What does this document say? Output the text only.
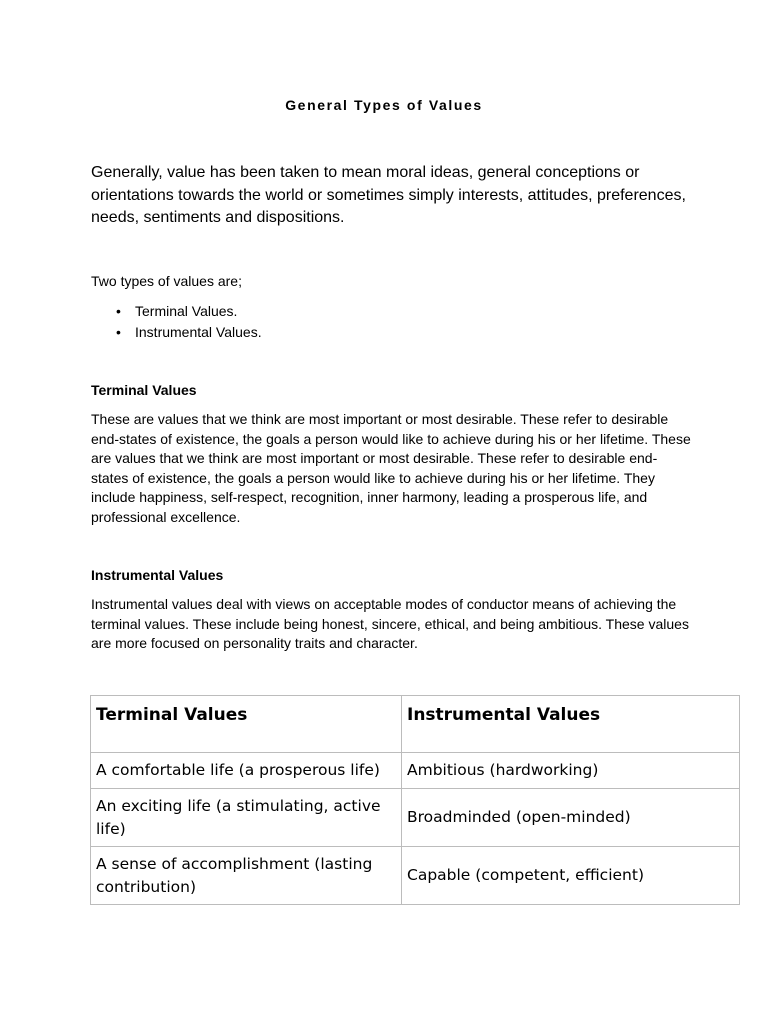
General Types of Values

Generally, value has been taken to mean moral ideas, general conceptions or orientations towards the world or sometimes simply interests, attitudes, preferences, needs, sentiments and dispositions.

Two types of values are;

• Terminal Values.
• Instrumental Values.
Terminal Values

These are values that we think are most important or most desirable. These refer to desirable end-states of existence, the goals a person would like to achieve during his or her lifetime. These are values that we think are most important or most desirable. These refer to desirable end-states of existence, the goals a person would like to achieve during his or her lifetime. They include happiness, self-respect, recognition, inner harmony, leading a prosperous life, and professional excellence.

Instrumental Values

Instrumental values deal with views on acceptable modes of conductor means of achieving the terminal values. These include being honest, sincere, ethical, and being ambitious. These values are more focused on personality traits and character.

Terminal Values	Instrumental Values
A comfortable life (a prosperous life)	Ambitious (hardworking)
An exciting life (a stimulating, active life)	Broadminded (open-minded)
A sense of accomplishment (lasting contribution)	Capable (competent, efficient)
